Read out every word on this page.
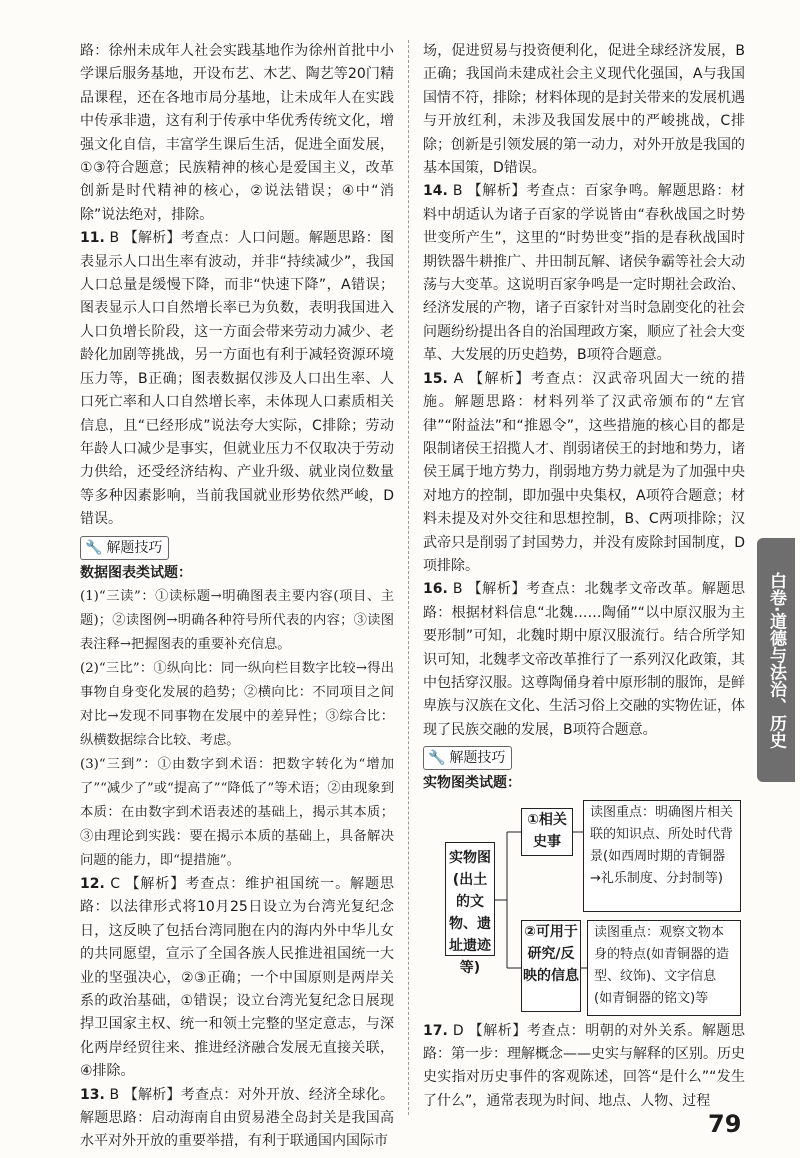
路：徐州未成年人社会实践基地作为徐州首批中小学课后服务基地，开设布艺、木艺、陶艺等20门精品课程，还在各地市局分基地，让未成年人在实践中传承非遗，这有利于传承中华优秀传统文化，增强文化自信，丰富学生课后生活，促进全面发展，①③符合题意；民族精神的核心是爱国主义，改革创新是时代精神的核心，②说法错误；④中“消除”说法绝对，排除。

11. B 【解析】考查点：人口问题。解题思路：图表显示人口出生率有波动，并非“持续减少”，我国人口总量是缓慢下降，而非“快速下降”，A错误；图表显示人口自然增长率已为负数，表明我国进入人口负增长阶段，这一方面会带来劳动力减少、老龄化加剧等挑战，另一方面也有利于减轻资源环境压力等，B正确；图表数据仅涉及人口出生率、人口死亡率和人口自然增长率，未体现人口素质相关信息，且“已经形成”说法夸大实际，C排除；劳动年龄人口减少是事实，但就业压力不仅取决于劳动力供给，还受经济结构、产业升级、就业岗位数量等多种因素影响，当前我国就业形势依然严峻，D错误。

🔧 解题技巧
数据图表类试题：

(1)“三读”：①读标题→明确图表主要内容(项目、主题)；②读图例→明确各种符号所代表的内容；③读图表注释→把握图表的重要补充信息。

(2)“三比”：①纵向比：同一纵向栏目数字比较→得出事物自身变化发展的趋势；②横向比：不同项目之间对比→发现不同事物在发展中的差异性；③综合比：纵横数据综合比较、考虑。

(3)“三到”：①由数字到术语：把数字转化为“增加了”“减少了”或“提高了”“降低了”等术语；②由现象到本质：在由数字到术语表述的基础上，揭示其本质；③由理论到实践：要在揭示本质的基础上，具备解决问题的能力，即“提措施”。

12. C 【解析】考查点：维护祖国统一。解题思路：以法律形式将10月25日设立为台湾光复纪念日，这反映了包括台湾同胞在内的海内外中华儿女的共同愿望，宣示了全国各族人民推进祖国统一大业的坚强决心，②③正确；一个中国原则是两岸关系的政治基础，①错误；设立台湾光复纪念日展现捍卫国家主权、统一和领土完整的坚定意志，与深化两岸经贸往来、推进经济融合发展无直接关联，④排除。

13. B 【解析】考查点：对外开放、经济全球化。解题思路：启动海南自由贸易港全岛封关是我国高水平对外开放的重要举措，有利于联通国内国际市

场，促进贸易与投资便利化，促进全球经济发展，B正确；我国尚未建成社会主义现代化强国，A与我国国情不符，排除；材料体现的是封关带来的发展机遇与开放红利，未涉及我国发展中的严峻挑战，C排除；创新是引领发展的第一动力，对外开放是我国的基本国策，D错误。

14. B 【解析】考查点：百家争鸣。解题思路：材料中胡适认为诸子百家的学说皆由“春秋战国之时势世变所产生”，这里的“时势世变”指的是春秋战国时期铁器牛耕推广、井田制瓦解、诸侯争霸等社会大动荡与大变革。这说明百家争鸣是一定时期社会政治、经济发展的产物，诸子百家针对当时急剧变化的社会问题纷纷提出各自的治国理政方案，顺应了社会大变革、大发展的历史趋势，B项符合题意。

15. A 【解析】考查点：汉武帝巩固大一统的措施。解题思路：材料列举了汉武帝颁布的“左官律”“附益法”和“推恩令”，这些措施的核心目的都是限制诸侯王招揽人才、削弱诸侯王的封地和势力，诸侯王属于地方势力，削弱地方势力就是为了加强中央对地方的控制，即加强中央集权，A项符合题意；材料未提及对外交往和思想控制，B、C两项排除；汉武帝只是削弱了封国势力，并没有废除封国制度，D项排除。

16. B 【解析】考查点：北魏孝文帝改革。解题思路：根据材料信息“北魏……陶俑”“以中原汉服为主要形制”可知，北魏时期中原汉服流行。结合所学知识可知，北魏孝文帝改革推行了一系列汉化政策，其中包括穿汉服。这尊陶俑身着中原形制的服饰，是鲜卑族与汉族在文化、生活习俗上交融的实物佐证，体现了民族交融的发展，B项符合题意。

🔧 解题技巧
实物图类试题：
实物图(出土的文物、遗址遗迹等)
①相关史事
②可用于研究/反映的信息
读图重点：明确图片相关联的知识点、所处时代背景(如西周时期的青铜器→礼乐制度、分封制等)
读图重点：观察文物本身的特点(如青铜器的造型、纹饰)、文字信息(如青铜器的铭文)等

17. D 【解析】考查点：明朝的对外关系。解题思路：第一步：理解概念——史实与解释的区别。历史史实指对历史事件的客观陈述，回答“是什么”“发生了什么”，通常表现为时间、地点、人物、过程

白卷·道德与法治、历史
79
